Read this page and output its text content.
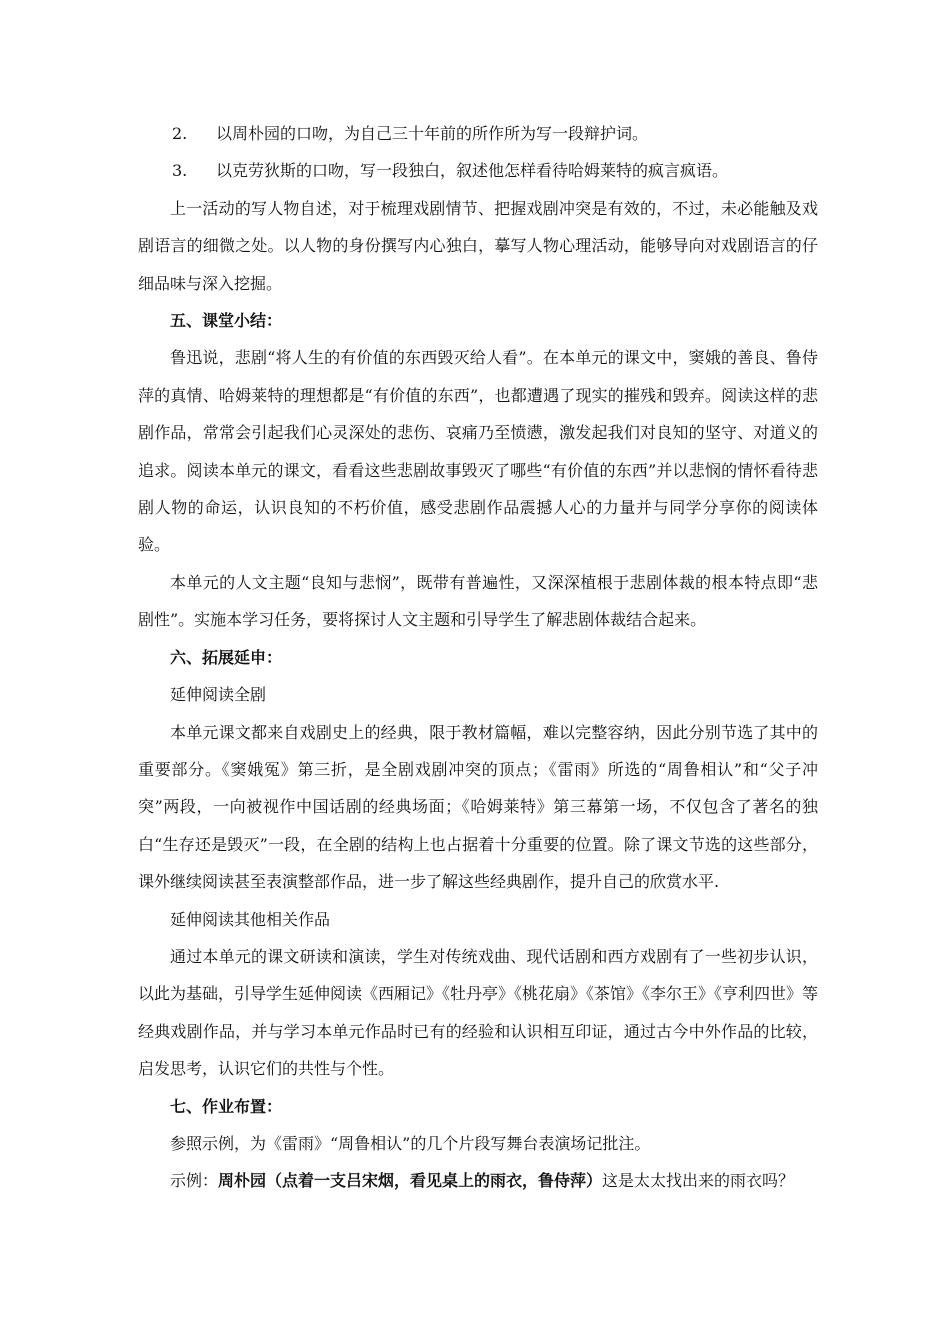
2. 以周朴园的口吻，为自己三十年前的所作所为写一段辩护词。

3. 以克劳狄斯的口吻，写一段独白，叙述他怎样看待哈姆莱特的疯言疯语。

上一活动的写人物自述，对于梳理戏剧情节、把握戏剧冲突是有效的，不过，未必能触及戏剧语言的细微之处。以人物的身份撰写内心独白，摹写人物心理活动，能够导向对戏剧语言的仔细品味与深入挖掘。

五、课堂小结：

鲁迅说，悲剧“将人生的有价值的东西毁灭给人看”。在本单元的课文中，窦娥的善良、鲁侍萍的真情、哈姆莱特的理想都是“有价值的东西”，也都遭遇了现实的摧残和毁弃。阅读这样的悲剧作品，常常会引起我们心灵深处的悲伤、哀痛乃至愤懑，激发起我们对良知的坚守、对道义的追求。阅读本单元的课文，看看这些悲剧故事毁灭了哪些“有价值的东西”并以悲悯的情怀看待悲剧人物的命运，认识良知的不朽价值，感受悲剧作品震撼人心的力量并与同学分享你的阅读体验。

本单元的人文主题“良知与悲悯”，既带有普遍性，又深深植根于悲剧体裁的根本特点即“悲剧性”。实施本学习任务，要将探讨人文主题和引导学生了解悲剧体裁结合起来。

六、拓展延申：

延伸阅读全剧

本单元课文都来自戏剧史上的经典，限于教材篇幅，难以完整容纳，因此分别节选了其中的重要部分。《窦娥冤》第三折，是全剧戏剧冲突的顶点；《雷雨》所选的“周鲁相认”和“父子冲突”两段，一向被视作中国话剧的经典场面；《哈姆莱特》第三幕第一场，不仅包含了著名的独白“生存还是毁灭”一段，在全剧的结构上也占据着十分重要的位置。除了课文节选的这些部分，课外继续阅读甚至表演整部作品，进一步了解这些经典剧作，提升自己的欣赏水平.

延伸阅读其他相关作品

通过本单元的课文研读和演读，学生对传统戏曲、现代话剧和西方戏剧有了一些初步认识，以此为基础，引导学生延伸阅读《西厢记》《牡丹亭》《桃花扇》《茶馆》《李尔王》《亨利四世》等经典戏剧作品，并与学习本单元作品时已有的经验和认识相互印证，通过古今中外作品的比较，启发思考，认识它们的共性与个性。

七、作业布置：

参照示例，为《雷雨》“周鲁相认”的几个片段写舞台表演场记批注。

示例：周朴园（点着一支吕宋烟，看见桌上的雨衣，鲁侍萍）这是太太找出来的雨衣吗？
